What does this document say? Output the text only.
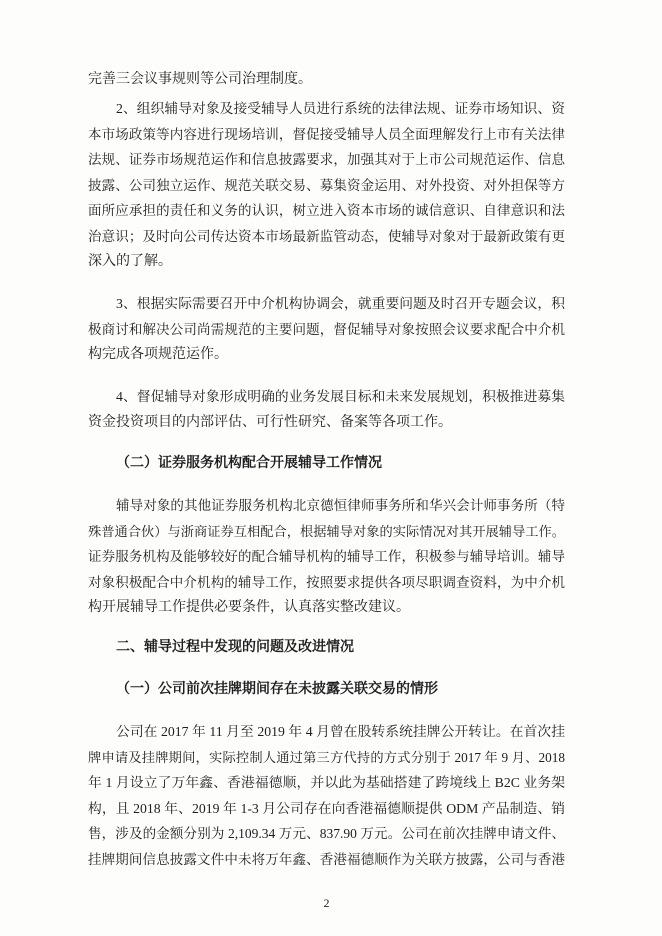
完善三会议事规则等公司治理制度。
2、组织辅导对象及接受辅导人员进行系统的法律法规、证券市场知识、资
本市场政策等内容进行现场培训，督促接受辅导人员全面理解发行上市有关法律
法规、证券市场规范运作和信息披露要求，加强其对于上市公司规范运作、信息
披露、公司独立运作、规范关联交易、募集资金运用、对外投资、对外担保等方
面所应承担的责任和义务的认识，树立进入资本市场的诚信意识、自律意识和法
治意识；及时向公司传达资本市场最新监管动态，使辅导对象对于最新政策有更
深入的了解。
3、根据实际需要召开中介机构协调会，就重要问题及时召开专题会议，积
极商讨和解决公司尚需规范的主要问题，督促辅导对象按照会议要求配合中介机
构完成各项规范运作。
4、督促辅导对象形成明确的业务发展目标和未来发展规划，积极推进募集
资金投资项目的内部评估、可行性研究、备案等各项工作。
（二）证券服务机构配合开展辅导工作情况
辅导对象的其他证券服务机构北京德恒律师事务所和华兴会计师事务所（特
殊普通合伙）与浙商证券互相配合，根据辅导对象的实际情况对其开展辅导工作。
证券服务机构及能够较好的配合辅导机构的辅导工作，积极参与辅导培训。辅导
对象积极配合中介机构的辅导工作，按照要求提供各项尽职调查资料，为中介机
构开展辅导工作提供必要条件，认真落实整改建议。
二、辅导过程中发现的问题及改进情况
（一）公司前次挂牌期间存在未披露关联交易的情形
公司在 2017 年 11 月至 2019 年 4 月曾在股转系统挂牌公开转让。在首次挂
牌申请及挂牌期间，实际控制人通过第三方代持的方式分别于 2017 年 9 月、2018
年 1 月设立了万年鑫、香港福德顺，并以此为基础搭建了跨境线上 B2C 业务架
构，且 2018 年、2019 年 1-3 月公司存在向香港福德顺提供 ODM 产品制造、销
售，涉及的金额分别为 2,109.34 万元、837.90 万元。公司在前次挂牌申请文件、
挂牌期间信息披露文件中未将万年鑫、香港福德顺作为关联方披露，公司与香港
2
